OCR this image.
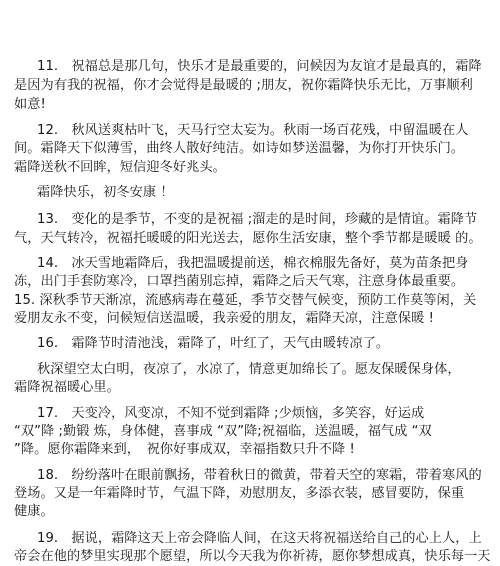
11.　祝福总是那几句，快乐才是最重要的，问候因为友谊才是最真的，霜降
是因为有我的祝福，你才会觉得是最暖的 ;朋友，祝你霜降快乐无比，万事顺利
如意!
12.　秋风送爽枯叶飞，天马行空太妄为。秋雨一场百花残，中留温暖在人
间。霜降天下似薄雪，曲终人散好纯洁。如诗如梦送温馨，为你打开快乐门。
霜降送秋不回眸，短信迎冬好兆头。
霜降快乐，初冬安康 ！
13.　变化的是季节，不变的是祝福 ;溜走的是时间，珍藏的是情谊。霜降节
气，天气转冷，祝福托暖暖的阳光送去，愿你生活安康，整个季节都是暖暖 的。
14.　冰天雪地霜降后，我把温暖提前送，棉衣棉服先备好，莫为苗条把身
冻，出门手套防寒冷，口罩挡菌别忘掉，霜降之后天气寒，注意身体最重要。
15. 深秋季节天渐凉，流感病毒在蔓延，季节交替气候变，预防工作莫等闲，关
爱朋友永不变，问候短信送温暖，我亲爱的朋友，霜降天凉，注意保暖 !
16.　霜降节时清池浅，霜降了，叶红了，天气由暖转凉了。
秋深望空太白明，夜凉了，水凉了，情意更加绵长了。愿友保暖保身体，
霜降祝福暖心里。
17.　天变冷，风变凉，不知不觉到霜降 ;少烦恼，多笑容，好运成
“双”降 ;勤锻 炼，身体健，喜事成 “双”降;祝福临，送温暖，福气成 “双
”降。愿你霜降来到，　祝你好事成双，幸福指数只升不降 !
18.　纷纷落叶在眼前飘扬，带着秋日的微黄，带着天空的寒霜，带着寒风的
登场。又是一年霜降时节，气温下降，劝慰朋友，多添衣装，感冒要防，保重
健康。
19.　据说，霜降这天上帝会降临人间，在这天将祝福送给自己的心上人，上
帝会在他的梦里实现那个愿望，所以今天我为你祈祷，愿你梦想成真，快乐每一天
